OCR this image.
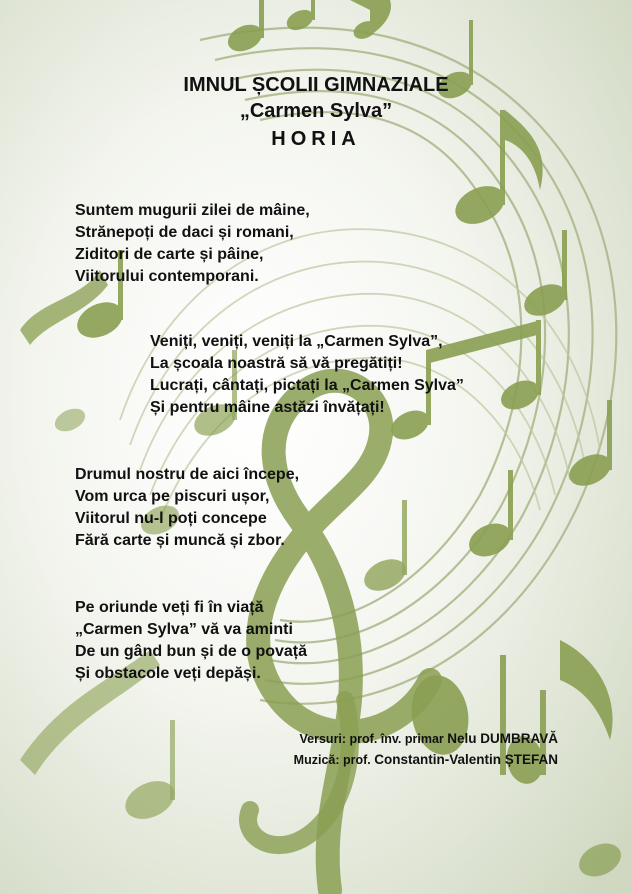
IMNUL ȘCOLII GIMNAZIALE
„Carmen Sylva”
HORIA
Suntem mugurii zilei de mâine,
Strănepoți de daci și romani,
Ziditori de carte și pâine,
Viitorului contemporani.
Veniți, veniți, veniți la „Carmen Sylva”,
La școala noastră să vă pregătiți!
Lucrați, cântați, pictați la „Carmen Sylva”
Și pentru mâine astăzi învățați!
Drumul nostru de aici începe,
Vom urca pe piscuri ușor,
Viitorul nu-l poți concepe
Fără carte și muncă și zbor.
Pe oriunde veți fi în viață
„Carmen Sylva” vă va aminti
De un gând bun și de o povață
Și obstacole veți depăși.
Versuri: prof. înv. primar Nelu DUMBRAVĂ
Muzică: prof. Constantin-Valentin ȘTEFAN
